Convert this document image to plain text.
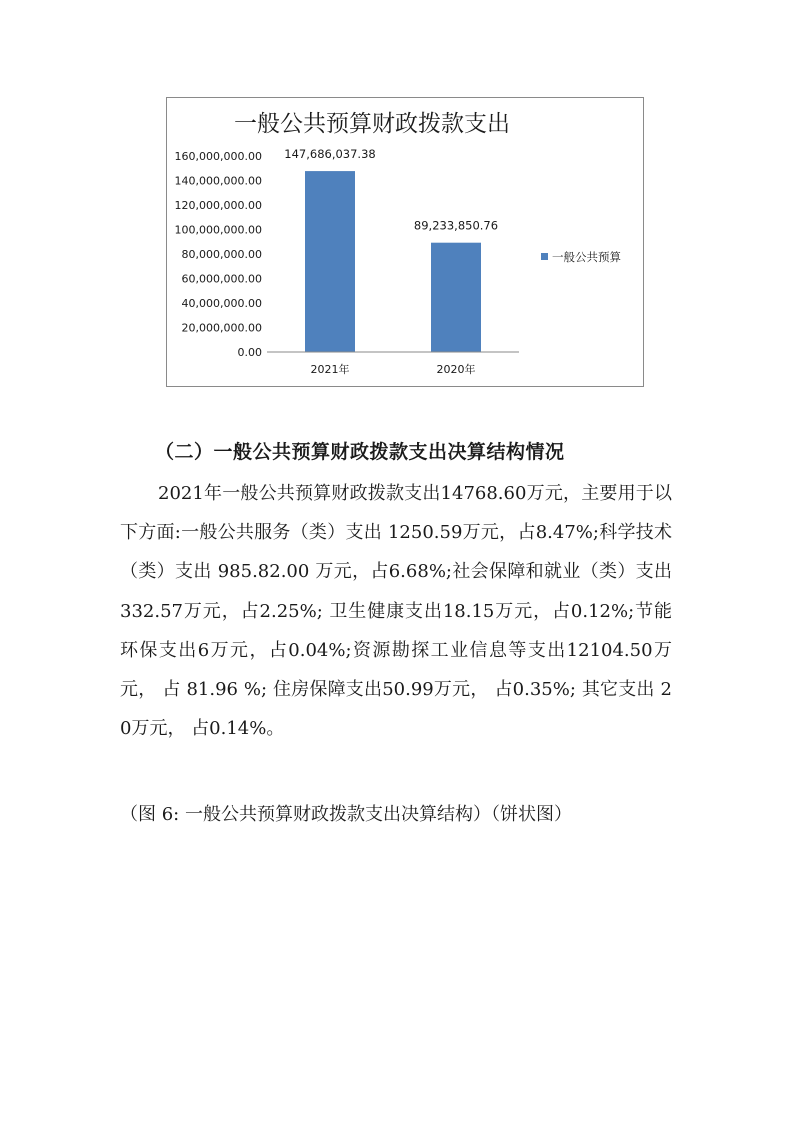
一般公共预算财政拨款支出
0.00
20,000,000.00
40,000,000.00
60,000,000.00
80,000,000.00
100,000,000.00
120,000,000.00
140,000,000.00
160,000,000.00 147,686,037.38
89,233,850.76
2021年	2020年
一般公共预算
（二）一般公共预算财政拨款支出决算结构情况

2021年一般公共预算财政拨款支出14768.60万元，主要用于以下方面:一般公共服务（类）支出 1250.59万元，占8.47%;科学技术（类）支出 985.82.00 万元，占6.68%;社会保障和就业（类）支出332.57万元，占2.25%; 卫生健康支出18.15万元，占0.12%;节能环保支出6万元，占0.04%;资源勘探工业信息等支出12104.50万元， 占 81.96 %; 住房保障支出50.99万元， 占0.35%; 其它支出 20万元， 占0.14%。

（图 6: 一般公共预算财政拨款支出决算结构）（饼状图）
